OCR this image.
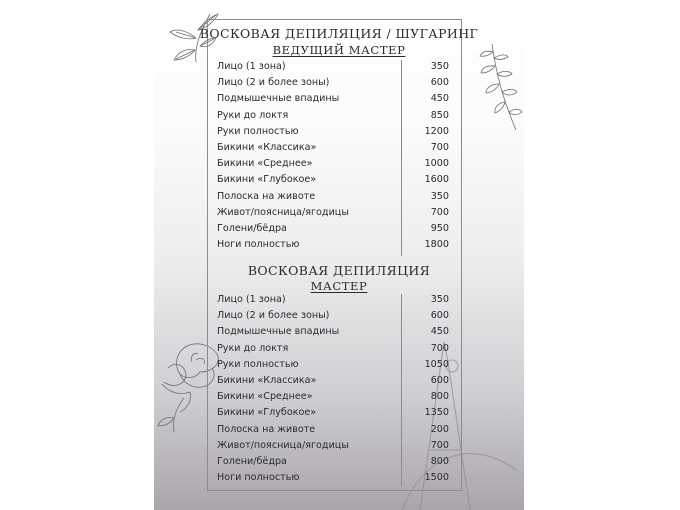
ВОСКОВАЯ ДЕПИЛЯЦИЯ / ШУГАРИНГ
ВЕДУЩИЙ МАСТЕР
Лицо (1 зона)	350
Лицо (2 и более зоны)	600
Подмышечные впадины	450
Руки до локтя	850
Руки полностью	1200
Бикини «Классика»	700
Бикини «Среднее»	1000
Бикини «Глубокое»	1600
Полоска на животе	350
Живот/поясница/ягодицы	700
Голени/бёдра	950
Ноги полностью	1800
ВОСКОВАЯ ДЕПИЛЯЦИЯ
МАСТЕР
Лицо (1 зона)	350
Лицо (2 и более зоны)	600
Подмышечные впадины	450
Руки до локтя	700
Руки полностью	1050
Бикини «Классика»	600
Бикини «Среднее»	800
Бикини «Глубокое»	1350
Полоска на животе	200
Живот/поясница/ягодицы	700
Голени/бёдра	800
Ноги полностью	1500
